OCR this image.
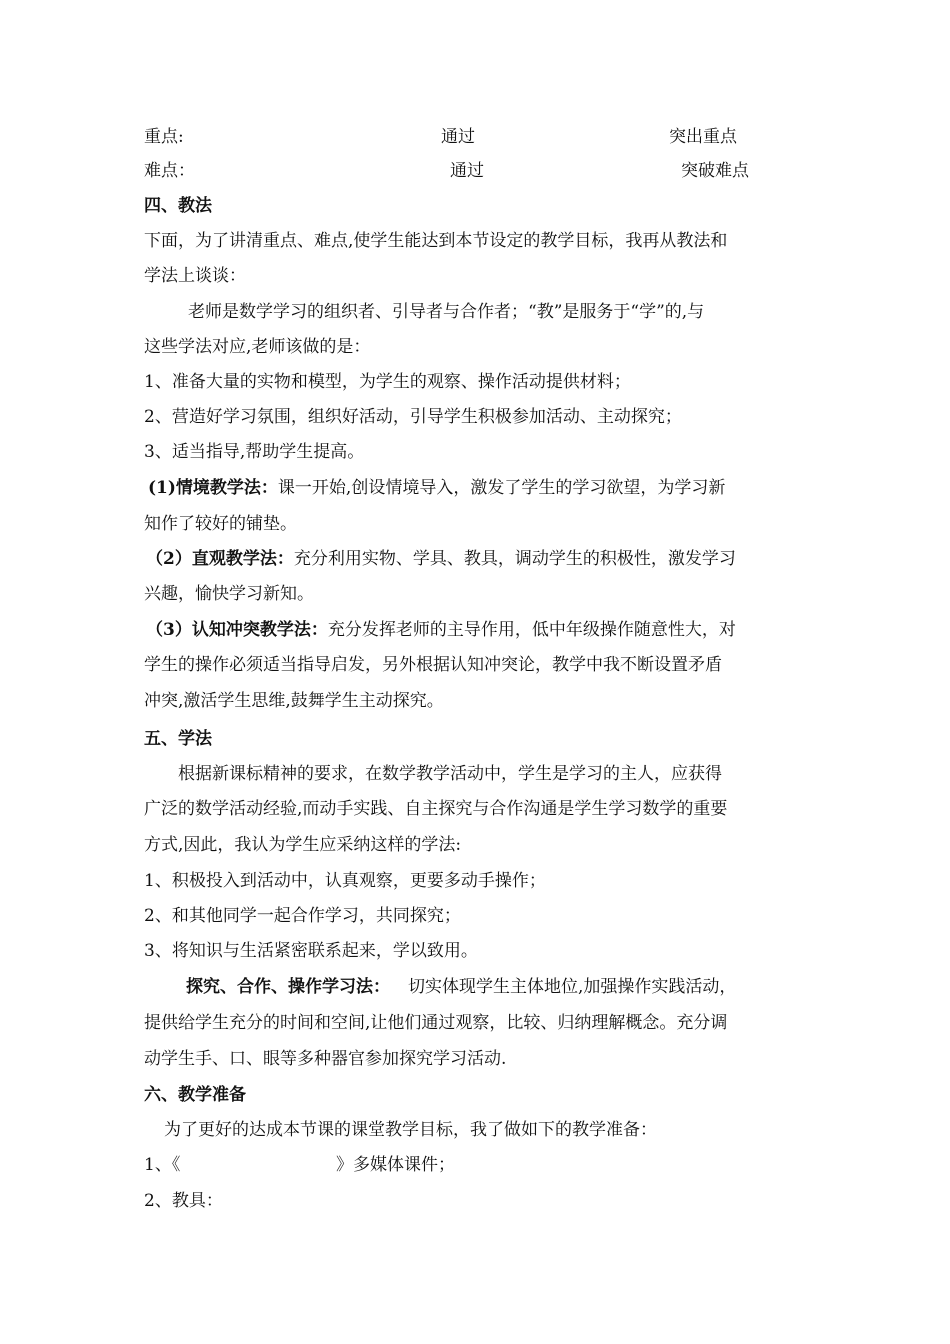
重点:	通过	突出重点
难点：	通过	突破难点
四、教法
下面，为了讲清重点、难点,使学生能达到本节设定的教学目标，我再从教法和
学法上谈谈：
老师是数学学习的组织者、引导者与合作者；“教”是服务于“学”的,与
这些学法对应,老师该做的是：
1、准备大量的实物和模型，为学生的观察、操作活动提供材料；
2、营造好学习氛围，组织好活动，引导学生积极参加活动、主动探究；
3、适当指导,帮助学生提高。
(1)情境教学法：课一开始,创设情境导入，激发了学生的学习欲望，为学习新
知作了较好的铺垫。
（2）直观教学法：充分利用实物、学具、教具，调动学生的积极性，激发学习
兴趣，愉快学习新知。
（3）认知冲突教学法：充分发挥老师的主导作用，低中年级操作随意性大，对
学生的操作必须适当指导启发，另外根据认知冲突论，教学中我不断设置矛盾
冲突,激活学生思维,鼓舞学生主动探究。
五、学法
根据新课标精神的要求，在数学教学活动中，学生是学习的主人，应获得
广泛的数学活动经验,而动手实践、自主探究与合作沟通是学生学习数学的重要
方式,因此，我认为学生应采纳这样的学法:
1、积极投入到活动中，认真观察，更要多动手操作；
2、和其他同学一起合作学习，共同探究；
3、将知识与生活紧密联系起来，学以致用。
探究、合作、操作学习法： 切实体现学生主体地位,加强操作实践活动，
提供给学生充分的时间和空间,让他们通过观察，比较、归纳理解概念。充分调
动学生手、口、眼等多种器官参加探究学习活动.
六、教学准备
为了更好的达成本节课的课堂教学目标，我了做如下的教学准备：
1、《	》多媒体课件；
2、教具：
